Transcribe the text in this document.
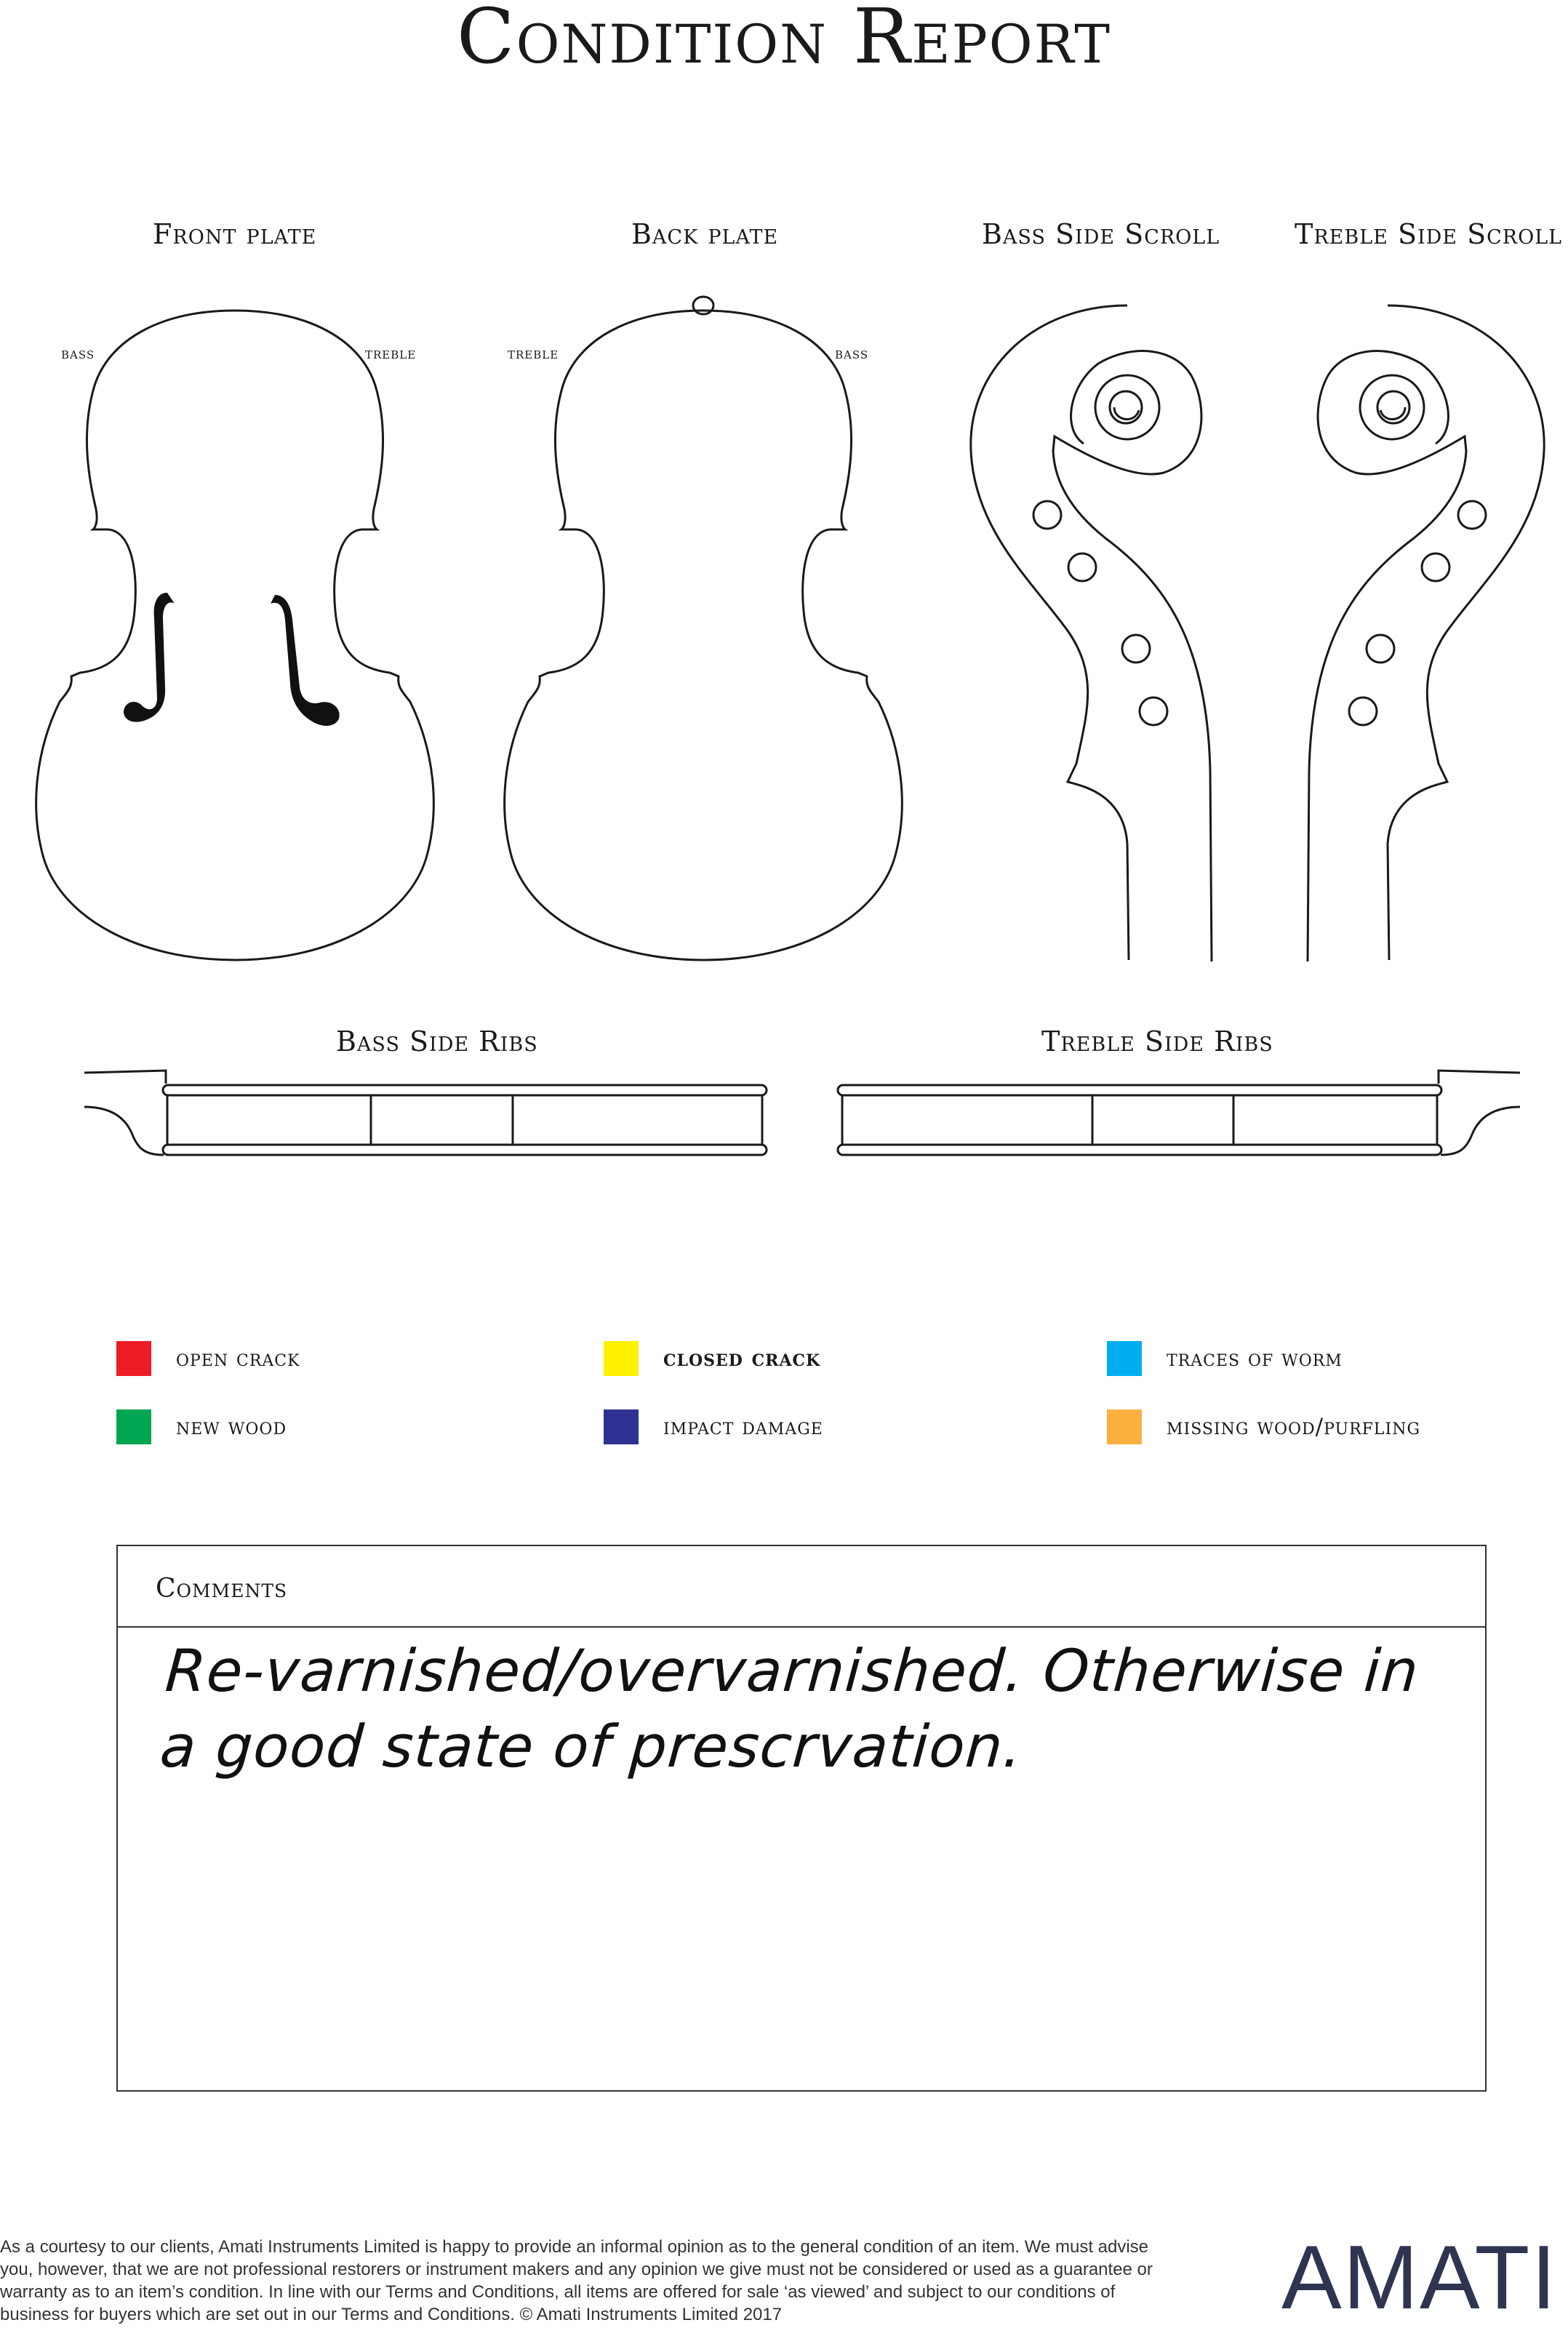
Condition Report
Front plate	Back plate	Bass Side Scroll	Treble Side Scroll
bass	treble	treble	bass
Bass Side Ribs	Treble Side Ribs
open crack	closed crack	traces of worm
new wood	impact damage	missing wood/purfling
Comments
Re-varnished/overvarnished. Otherwise in a good state of prescrvation.
As a courtesy to our clients, Amati Instruments Limited is happy to provide an informal opinion as to the general condition of an item. We must advise you, however, that we are not professional restorers or instrument makers and any opinion we give must not be considered or used as a guarantee or warranty as to an item’s condition. In line with our Terms and Conditions, all items are offered for sale ‘as viewed’ and subject to our conditions of business for buyers which are set out in our Terms and Conditions. © Amati Instruments Limited 2017	AMATI
